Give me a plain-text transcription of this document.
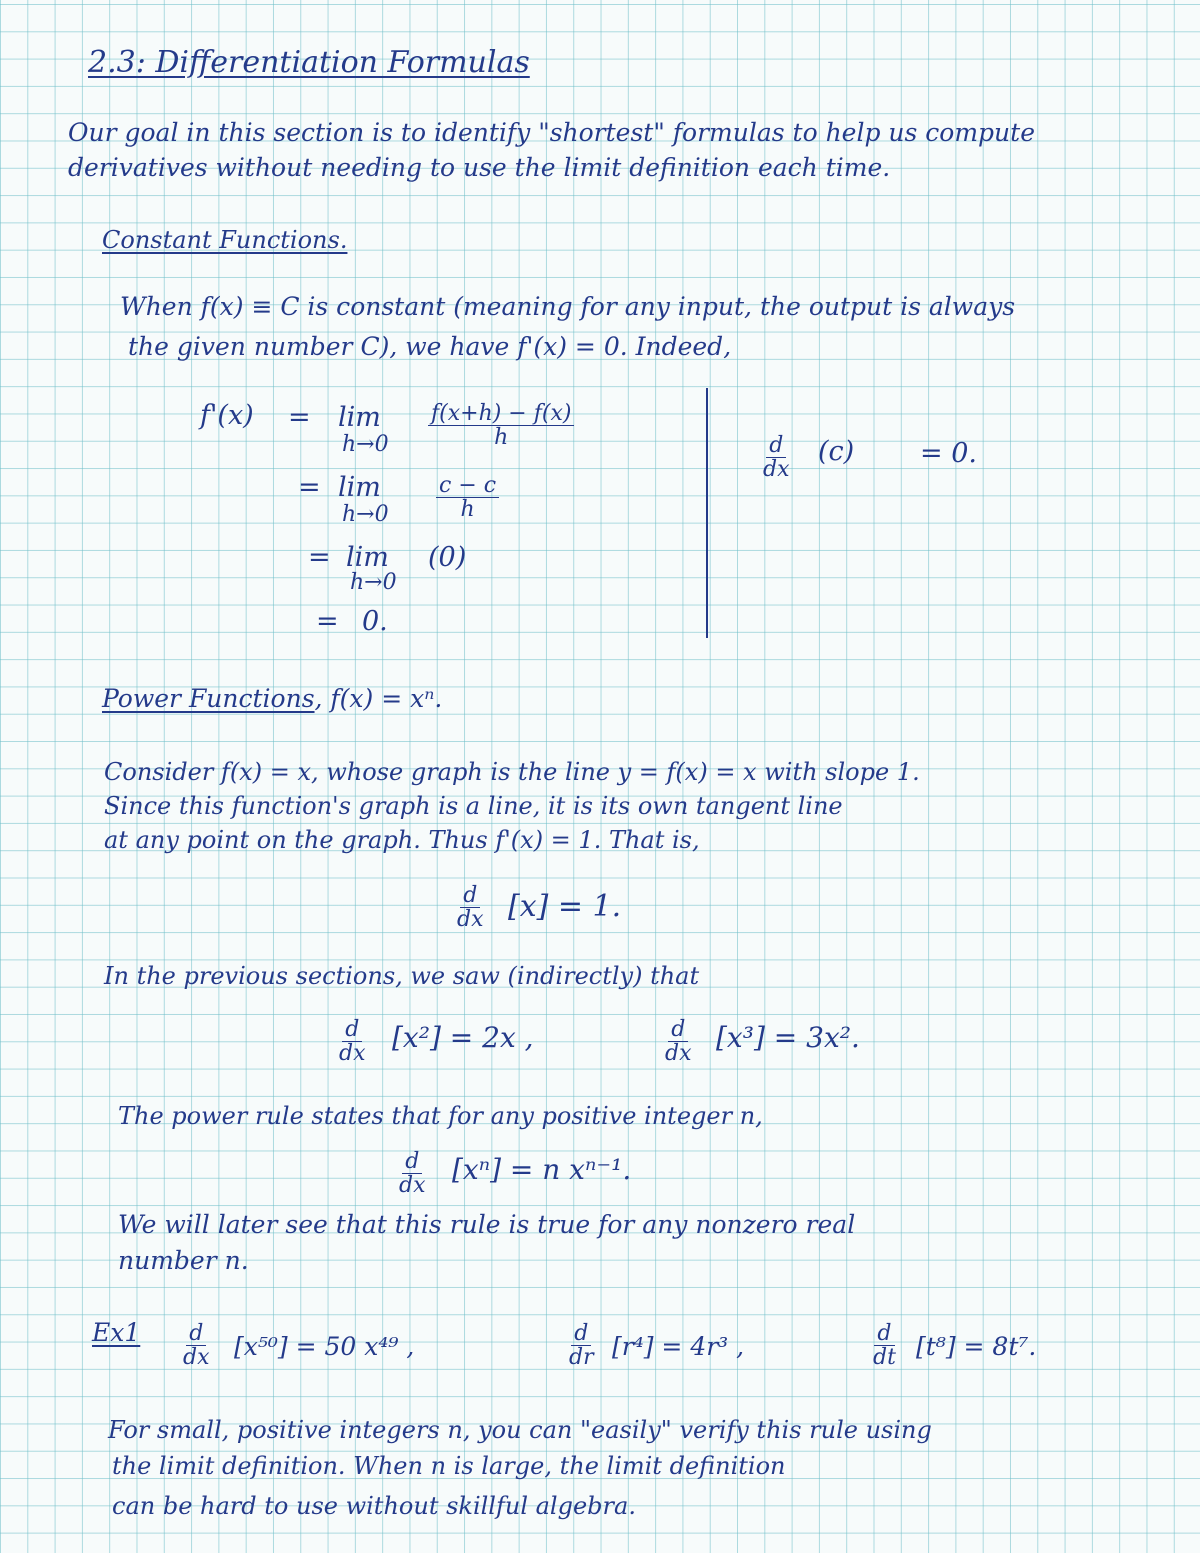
2.3: Differentiation Formulas
Our goal in this section is to identify "shortest" formulas to help us compute
derivatives without needing to use the limit definition each time.
Constant Functions.
When f(x) ≡ C is constant (meaning for any input, the output is always
the given number C), we have f'(x) = 0. Indeed,
f'(x) = lim
$h\to 0 \frac{f(x+h) - f(x)}{h}$
= lim
$h\to 0 \frac{c - c}{h}$
= lim
h→0
(0)
= 0.
$\frac{d}{dx} (c) = 0$.
Power Functions, f(x) = xⁿ.
Consider f(x) = x, whose graph is the line y = f(x) = x with slope 1.
Since this function's graph is a line, it is its own tangent line
at any point on the graph. Thus f'(x) = 1. That is,
$\frac{d}{dx} [x] = 1$.
In the previous sections, we saw (indirectly) that
$\frac{d}{dx} [x^2] = 2x$ ,	$\frac{d}{dx} [x^3] = 3x^2$.
The power rule states that for any positive integer n,
$\frac{d}{dx} [x^n] = n$ xⁿ⁻¹.
We will later see that this rule is true for any nonzero real
number n.
$Ex1 \frac{d}{dx} [x^{50}] = 50$ x⁴⁹ ,	$\frac{d}{dr} [r^4] = 4r^3$ ,	$\frac{d}{dt} [t^8] = 8t^7$.
For small, positive integers n, you can "easily" verify this rule using
the limit definition. When n is large, the limit definition
can be hard to use without skillful algebra.
